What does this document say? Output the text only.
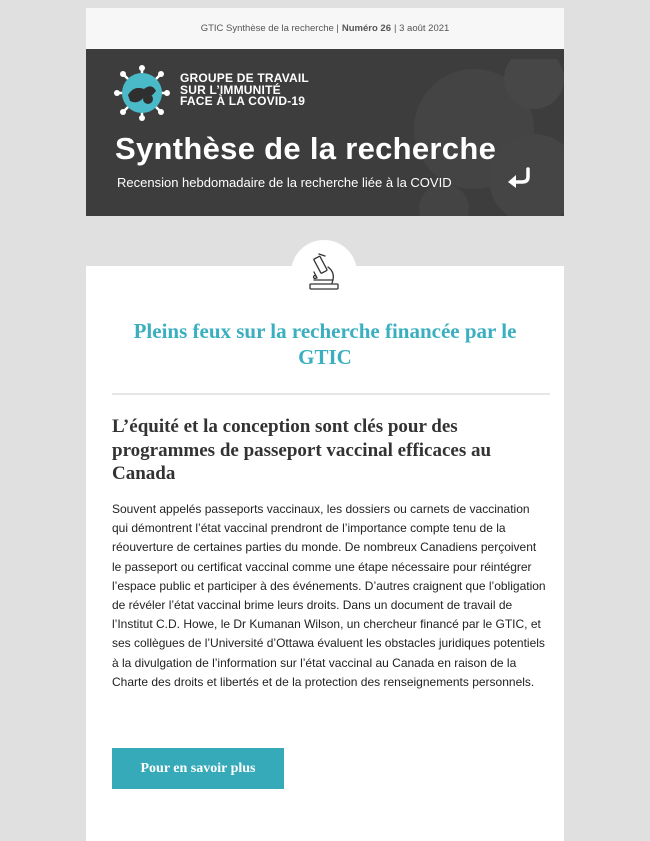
GTIC Synthèse de la recherche | Numéro 26 | 3 août 2021
GROUPE DE TRAVAIL
SUR L’IMMUNITÉ
FACE À LA COVID-19
Synthèse de la recherche
Recension hebdomadaire de la recherche liée à la COVID
Pleins feux sur la recherche financée par le GTIC
L’équité et la conception sont clés pour des programmes de passeport vaccinal efficaces au Canada
Souvent appelés passeports vaccinaux, les dossiers ou carnets de vaccination qui démontrent l’état vaccinal prendront de l’importance compte tenu de la réouverture de certaines parties du monde. De nombreux Canadiens perçoivent le passeport ou certificat vaccinal comme une étape nécessaire pour réintégrer l’espace public et participer à des événements. D’autres craignent que l’obligation de révéler l’état vaccinal brime leurs droits. Dans un document de travail de l’Institut C.D. Howe, le Dr Kumanan Wilson, un chercheur financé par le GTIC, et ses collègues de l’Université d’Ottawa évaluent les obstacles juridiques potentiels à la divulgation de l’information sur l’état vaccinal au Canada en raison de la Charte des droits et libertés et de la protection des renseignements personnels.
Pour en savoir plus
